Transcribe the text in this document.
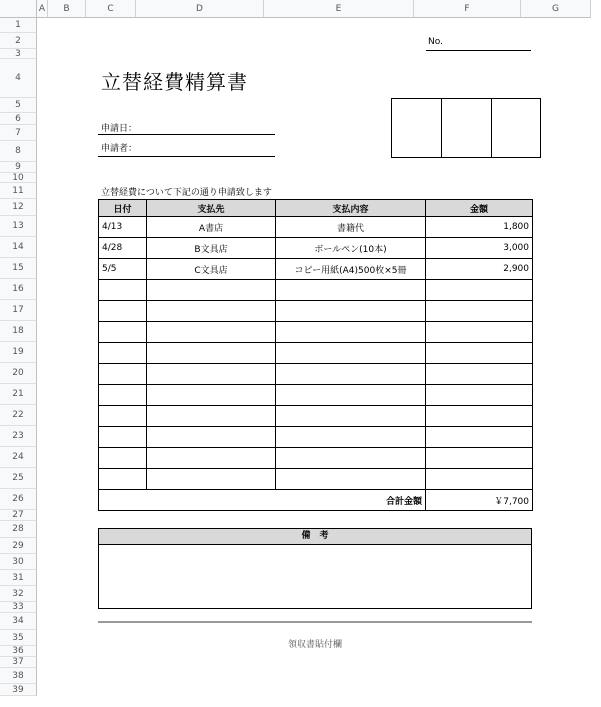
A	B	C	D	E	F	G
1
2
3
4
5
6
7
8
9
10
11
12
13
14
15
16
17
18
19
20
21
22
23
24
25
26
27
28
29
30
31
32
33
34
35
36
37
38
39
No.
立替経費精算書
申請日：
申請者：
立替経費について下記の通り申請致します
日付	支払先	支払内容	金額
4/13	A書店	書籍代	1,800
4/28	B文具店	ボールペン(10本)	3,000
5/5	C文具店	コピー用紙(A4)500枚×5冊	2,900

合計金額			￥7,700
備　考
領収書貼付欄
